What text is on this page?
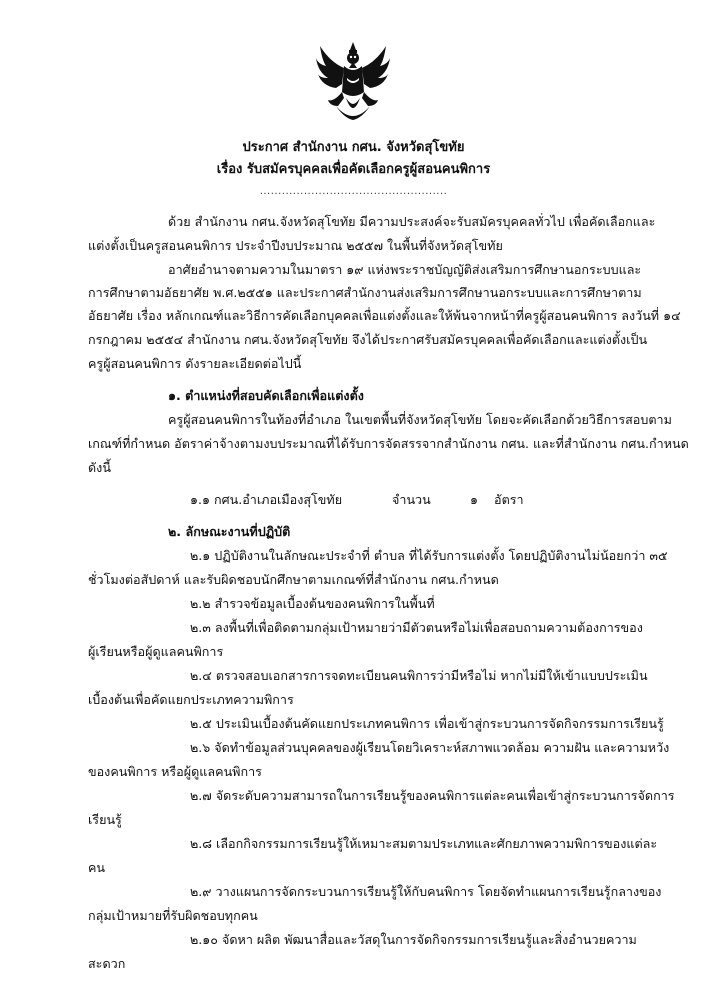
ประกาศ สำนักงาน กศน. จังหวัดสุโขทัย
เรื่อง รับสมัครบุคคลเพื่อคัดเลือกครูผู้สอนคนพิการ
...................................................
ด้วย สำนักงาน กศน.จังหวัดสุโขทัย มีความประสงค์จะรับสมัครบุคคลทั่วไป เพื่อคัดเลือกและ
แต่งตั้งเป็นครูสอนคนพิการ ประจำปีงบประมาณ ๒๕๕๗ ในพื้นที่จังหวัดสุโขทัย
อาศัยอำนาจตามความในมาตรา ๑๙ แห่งพระราชบัญญัติส่งเสริมการศึกษานอกระบบและ
การศึกษาตามอัธยาศัย พ.ศ.๒๕๕๑ และประกาศสำนักงานส่งเสริมการศึกษานอกระบบและการศึกษาตาม
อัธยาศัย เรื่อง หลักเกณฑ์และวิธีการคัดเลือกบุคคลเพื่อแต่งตั้งและให้พ้นจากหน้าที่ครูผู้สอนคนพิการ ลงวันที่ ๑๔
กรกฎาคม ๒๕๕๔ สำนักงาน กศน.จังหวัดสุโขทัย จึงได้ประกาศรับสมัครบุคคลเพื่อคัดเลือกและแต่งตั้งเป็น
ครูผู้สอนคนพิการ ดังรายละเอียดต่อไปนี้
๑. ตำแหน่งที่สอบคัดเลือกเพื่อแต่งตั้ง
ครูผู้สอนคนพิการในท้องที่อำเภอ ในเขตพื้นที่จังหวัดสุโขทัย โดยจะคัดเลือกด้วยวิธีการสอบตาม
เกณฑ์ที่กำหนด อัตราค่าจ้างตามงบประมาณที่ได้รับการจัดสรรจากสำนักงาน กศน. และที่สำนักงาน กศน.กำหนด
ดังนี้
๑.๑ กศน.อำเภอเมืองสุโขทัย	จำนวน	๑ อัตรา
๒. ลักษณะงานที่ปฏิบัติ
๒.๑ ปฏิบัติงานในลักษณะประจำที่ ตำบล ที่ได้รับการแต่งตั้ง โดยปฏิบัติงานไม่น้อยกว่า ๓๕
ชั่วโมงต่อสัปดาห์ และรับผิดชอบนักศึกษาตามเกณฑ์ที่สำนักงาน กศน.กำหนด
๒.๒ สำรวจข้อมูลเบื้องต้นของคนพิการในพื้นที่
๒.๓ ลงพื้นที่เพื่อติดตามกลุ่มเป้าหมายว่ามีตัวตนหรือไม่เพื่อสอบถามความต้องการของ
ผู้เรียนหรือผู้ดูแลคนพิการ
๒.๔ ตรวจสอบเอกสารการจดทะเบียนคนพิการว่ามีหรือไม่ หากไม่มีให้เข้าแบบประเมิน
เบื้องต้นเพื่อคัดแยกประเภทความพิการ
๒.๕ ประเมินเบื้องต้นคัดแยกประเภทคนพิการ เพื่อเข้าสู่กระบวนการจัดกิจกรรมการเรียนรู้
๒.๖ จัดทำข้อมูลส่วนบุคคลของผู้เรียนโดยวิเคราะห์สภาพแวดล้อม ความฝัน และความหวัง
ของคนพิการ หรือผู้ดูแลคนพิการ
๒.๗ จัดระดับความสามารถในการเรียนรู้ของคนพิการแต่ละคนเพื่อเข้าสู่กระบวนการจัดการ
เรียนรู้
๒.๘ เลือกกิจกรรมการเรียนรู้ให้เหมาะสมตามประเภทและศักยภาพความพิการของแต่ละ
คน
๒.๙ วางแผนการจัดกระบวนการเรียนรู้ให้กับคนพิการ โดยจัดทำแผนการเรียนรู้กลางของ
กลุ่มเป้าหมายที่รับผิดชอบทุกคน
๒.๑๐ จัดหา ผลิต พัฒนาสื่อและวัสดุในการจัดกิจกรรมการเรียนรู้และสิ่งอำนวยความ
สะดวก
